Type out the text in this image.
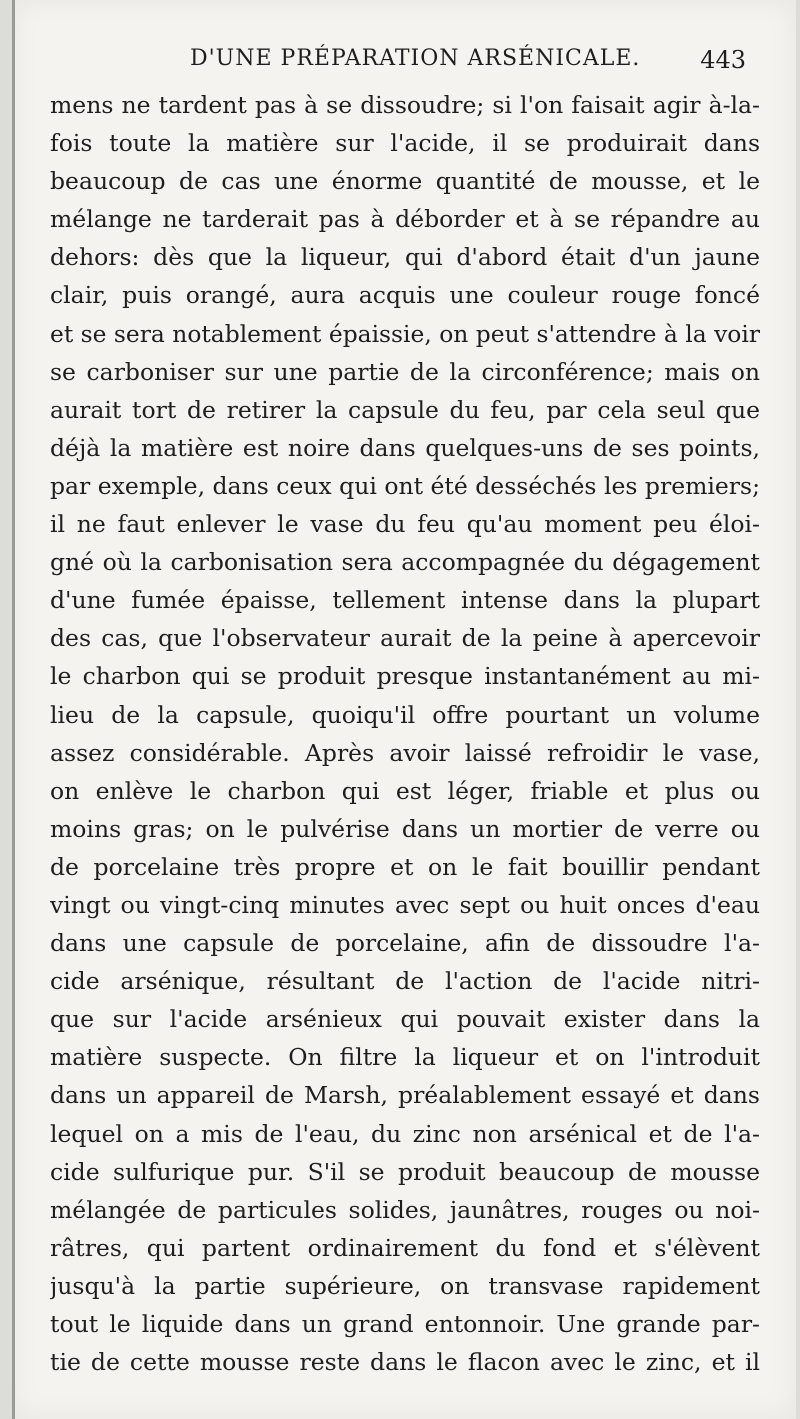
D'UNE PRÉPARATION ARSÉNICALE. 443
mens ne tardent pas à se dissoudre; si l'on faisait agir à-la-
fois toute la matière sur l'acide, il se produirait dans
beaucoup de cas une énorme quantité de mousse, et le
mélange ne tarderait pas à déborder et à se répandre au
dehors: dès que la liqueur, qui d'abord était d'un jaune
clair, puis orangé, aura acquis une couleur rouge foncé
et se sera notablement épaissie, on peut s'attendre à la voir
se carboniser sur une partie de la circonférence; mais on
aurait tort de retirer la capsule du feu, par cela seul que
déjà la matière est noire dans quelques-uns de ses points,
par exemple, dans ceux qui ont été desséchés les premiers;
il ne faut enlever le vase du feu qu'au moment peu éloi-
gné où la carbonisation sera accompagnée du dégagement
d'une fumée épaisse, tellement intense dans la plupart
des cas, que l'observateur aurait de la peine à apercevoir
le charbon qui se produit presque instantanément au mi-
lieu de la capsule, quoiqu'il offre pourtant un volume
assez considérable. Après avoir laissé refroidir le vase,
on enlève le charbon qui est léger, friable et plus ou
moins gras; on le pulvérise dans un mortier de verre ou
de porcelaine très propre et on le fait bouillir pendant
vingt ou vingt-cinq minutes avec sept ou huit onces d'eau
dans une capsule de porcelaine, afin de dissoudre l'a-
cide arsénique, résultant de l'action de l'acide nitri-
que sur l'acide arsénieux qui pouvait exister dans la
matière suspecte. On filtre la liqueur et on l'introduit
dans un appareil de Marsh, préalablement essayé et dans
lequel on a mis de l'eau, du zinc non arsénical et de l'a-
cide sulfurique pur. S'il se produit beaucoup de mousse
mélangée de particules solides, jaunâtres, rouges ou noi-
râtres, qui partent ordinairement du fond et s'élèvent
jusqu'à la partie supérieure, on transvase rapidement
tout le liquide dans un grand entonnoir. Une grande par-
tie de cette mousse reste dans le flacon avec le zinc, et il
